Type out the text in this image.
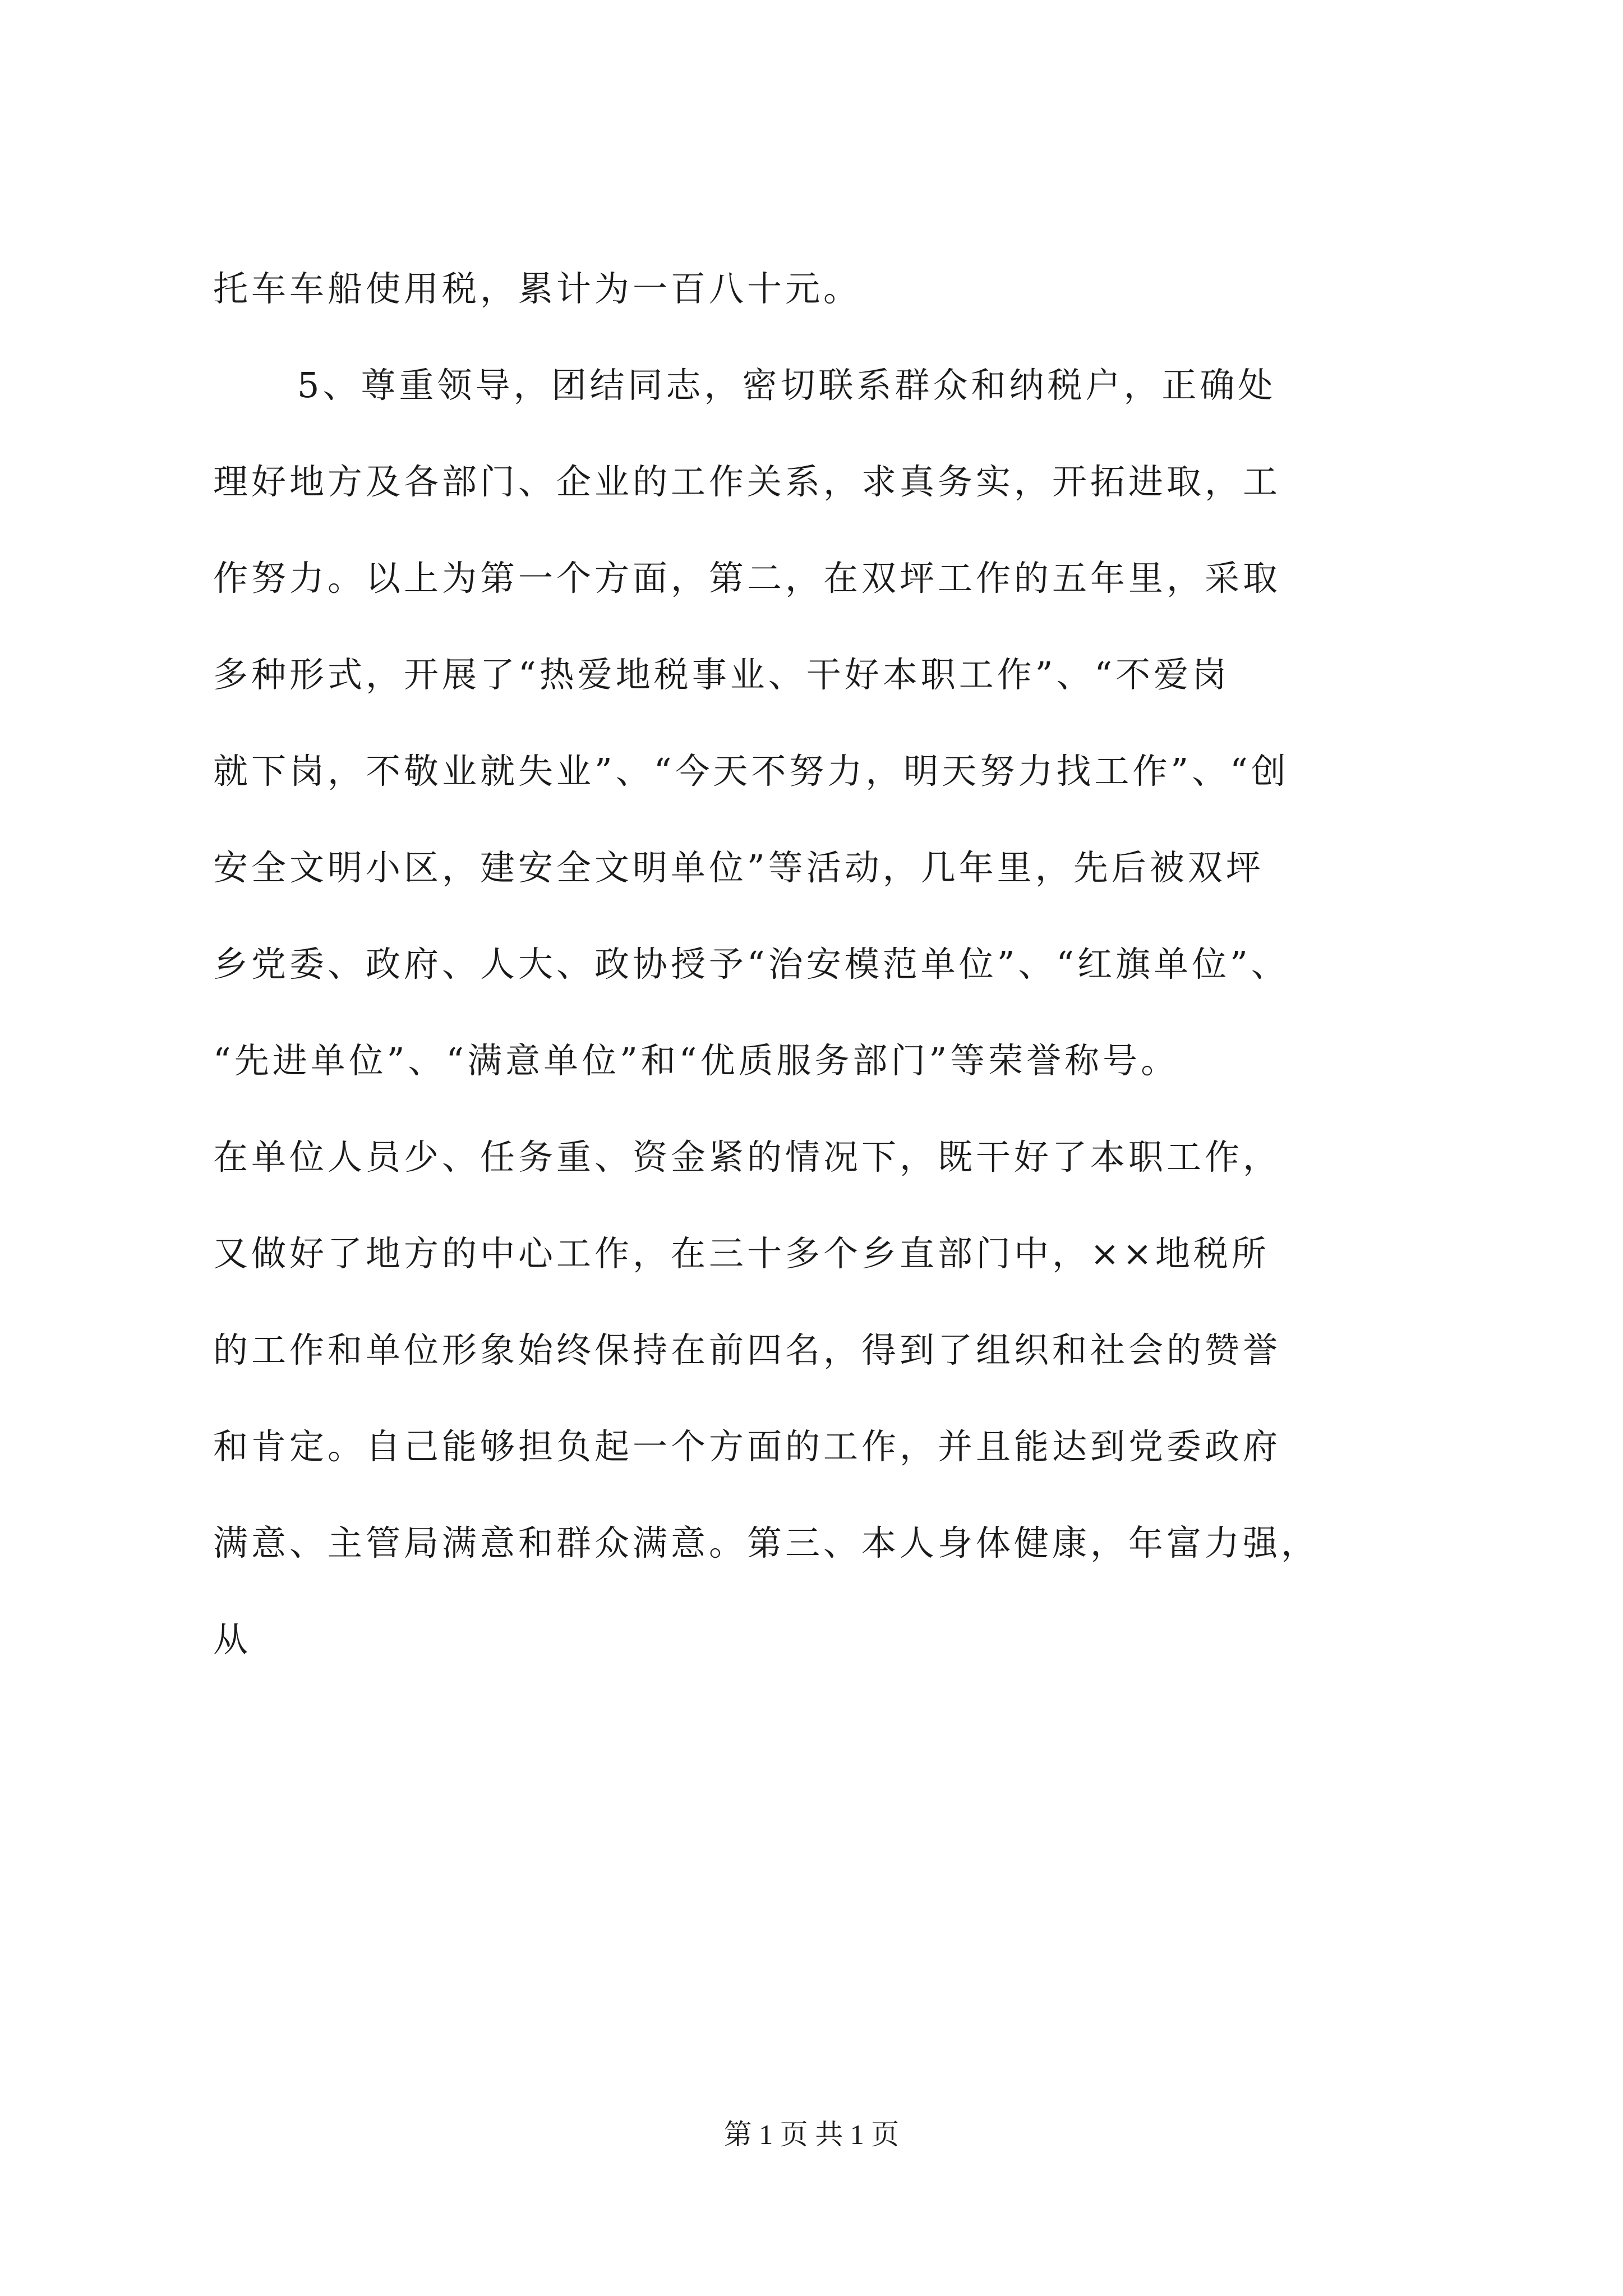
托车车船使用税，累计为一百八十元。
5、尊重领导，团结同志，密切联系群众和纳税户，正确处
理好地方及各部门、企业的工作关系，求真务实，开拓进取，工
作努力。以上为第一个方面，第二，在双坪工作的五年里，采取
多种形式，开展了“热爱地税事业、干好本职工作”、“不爱岗
就下岗，不敬业就失业”、“今天不努力，明天努力找工作”、“创
安全文明小区，建安全文明单位”等活动，几年里，先后被双坪
乡党委、政府、人大、政协授予“治安模范单位”、“红旗单位”、
“先进单位”、“满意单位”和“优质服务部门”等荣誉称号。
在单位人员少、任务重、资金紧的情况下，既干好了本职工作，
又做好了地方的中心工作，在三十多个乡直部门中，××地税所
的工作和单位形象始终保持在前四名，得到了组织和社会的赞誉
和肯定。自己能够担负起一个方面的工作，并且能达到党委政府
满意、主管局满意和群众满意。第三、本人身体健康，年富力强，
从
第 1 页 共 1 页
